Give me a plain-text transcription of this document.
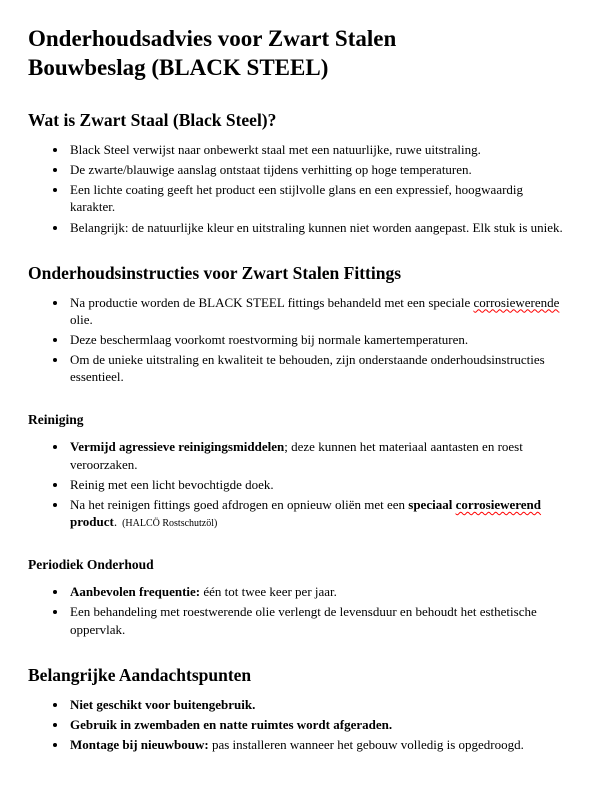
Onderhoudsadvies voor Zwart Stalen Bouwbeslag (BLACK STEEL)
Wat is Zwart Staal (Black Steel)?
• Black Steel verwijst naar onbewerkt staal met een natuurlijke, ruwe uitstraling.
• De zwarte/blauwige aanslag ontstaat tijdens verhitting op hoge temperaturen.
• Een lichte coating geeft het product een stijlvolle glans en een expressief, hoogwaardig karakter.
• Belangrijk: de natuurlijke kleur en uitstraling kunnen niet worden aangepast. Elk stuk is uniek.
Onderhoudsinstructies voor Zwart Stalen Fittings
• Na productie worden de BLACK STEEL fittings behandeld met een speciale corrosiewerende olie.
• Deze beschermlaag voorkomt roestvorming bij normale kamertemperaturen.
• Om de unieke uitstraling en kwaliteit te behouden, zijn onderstaande onderhoudsinstructies essentieel.
Reiniging
• Vermijd agressieve reinigingsmiddelen; deze kunnen het materiaal aantasten en roest veroorzaken.
• Reinig met een licht bevochtigde doek.
• Na het reinigen fittings goed afdrogen en opnieuw oliën met een speciaal corrosiewerend product. (HALCÖ Rostschutzöl)
Periodiek Onderhoud
• Aanbevolen frequentie: één tot twee keer per jaar.
• Een behandeling met roestwerende olie verlengt de levensduur en behoudt het esthetische oppervlak.
Belangrijke Aandachtspunten
• Niet geschikt voor buitengebruik.
• Gebruik in zwembaden en natte ruimtes wordt afgeraden.
• Montage bij nieuwbouw: pas installeren wanneer het gebouw volledig is opgedroogd.
